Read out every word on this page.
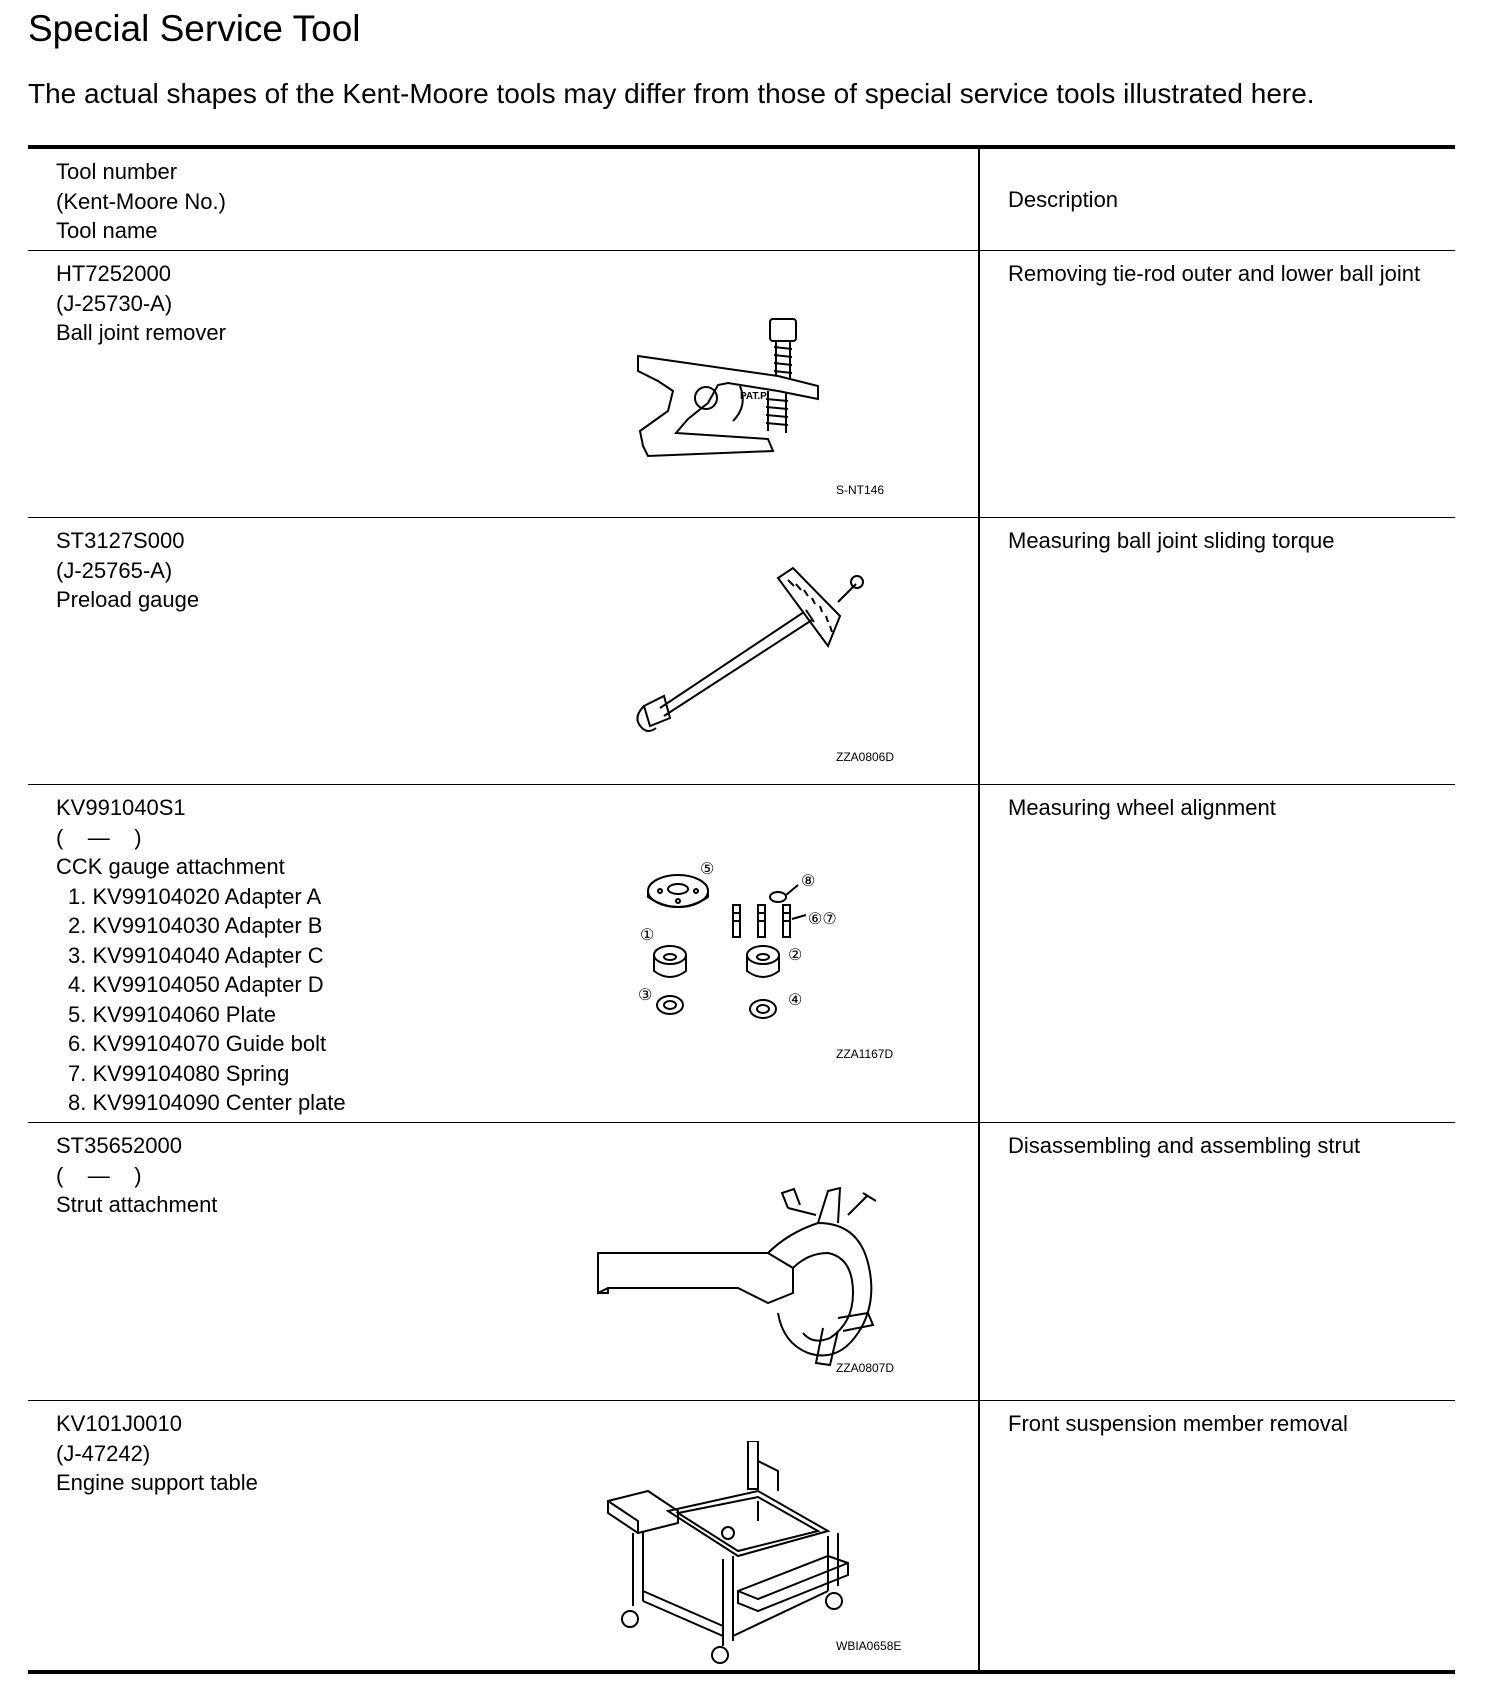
Special Service Tool

The actual shapes of the Kent-Moore tools may differ from those of special service tools illustrated here.

Tool number
(Kent-Moore No.)
Tool name
Description
HT7252000
(J-25730-A)
Ball joint remover
PAT.P
S-NT146
Removing tie-rod outer and lower ball joint
ST3127S000
(J-25765-A)
Preload gauge
ZZA0806D
Measuring ball joint sliding torque
KV991040S1
(    —    )
CCK gauge attachment
1. KV99104020 Adapter A
2. KV99104030 Adapter B
3. KV99104040 Adapter C
4. KV99104050 Adapter D
5. KV99104060 Plate
6. KV99104070 Guide bolt
7. KV99104080 Spring
8. KV99104090 Center plate
⑤
⑧
⑥⑦
①
②
③	④
ZZA1167D
Measuring wheel alignment
ST35652000
(    —    )
Strut attachment
ZZA0807D
Disassembling and assembling strut
KV101J0010
(J-47242)
Engine support table
WBIA0658E
Front suspension member removal
